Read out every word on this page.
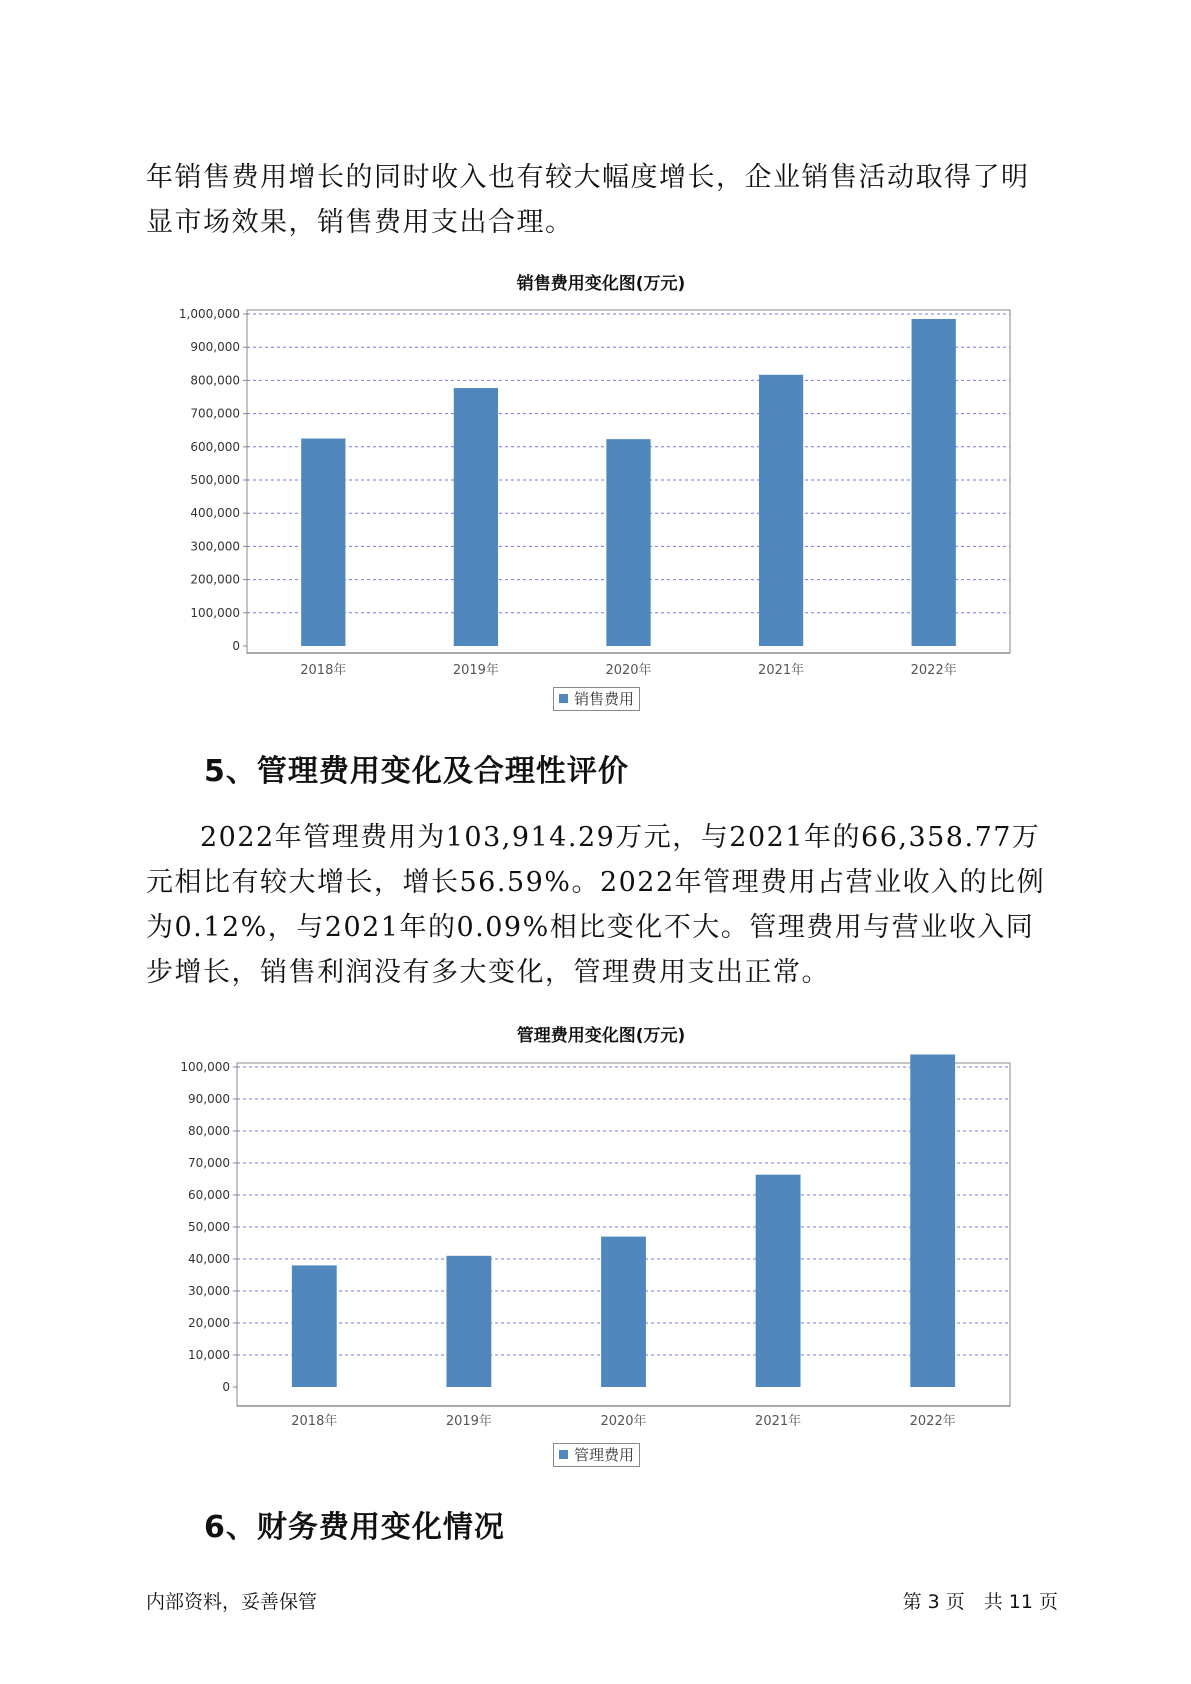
年销售费用增长的同时收入也有较大幅度增长，企业销售活动取得了明显市场效果，销售费用支出合理。

销售费用变化图(万元)
0
100,000
200,000
300,000
400,000
500,000
600,000
700,000
800,000
900,000
1,000,000
2018年	2019年	2020年	2021年	2022年
销售费用
5、管理费用变化及合理性评价

2022年管理费用为103,914.29万元，与2021年的66,358.77万元相比有较大增长，增长56.59%。2022年管理费用占营业收入的比例为0.12%，与2021年的0.09%相比变化不大。管理费用与营业收入同步增长，销售利润没有多大变化，管理费用支出正常。

管理费用变化图(万元)
0
10,000
20,000
30,000
40,000
50,000
60,000
70,000
80,000
90,000
100,000
2018年	2019年	2020年	2021年	2022年
管理费用
6、财务费用变化情况
内部资料，妥善保管	第 3 页　共 11 页
